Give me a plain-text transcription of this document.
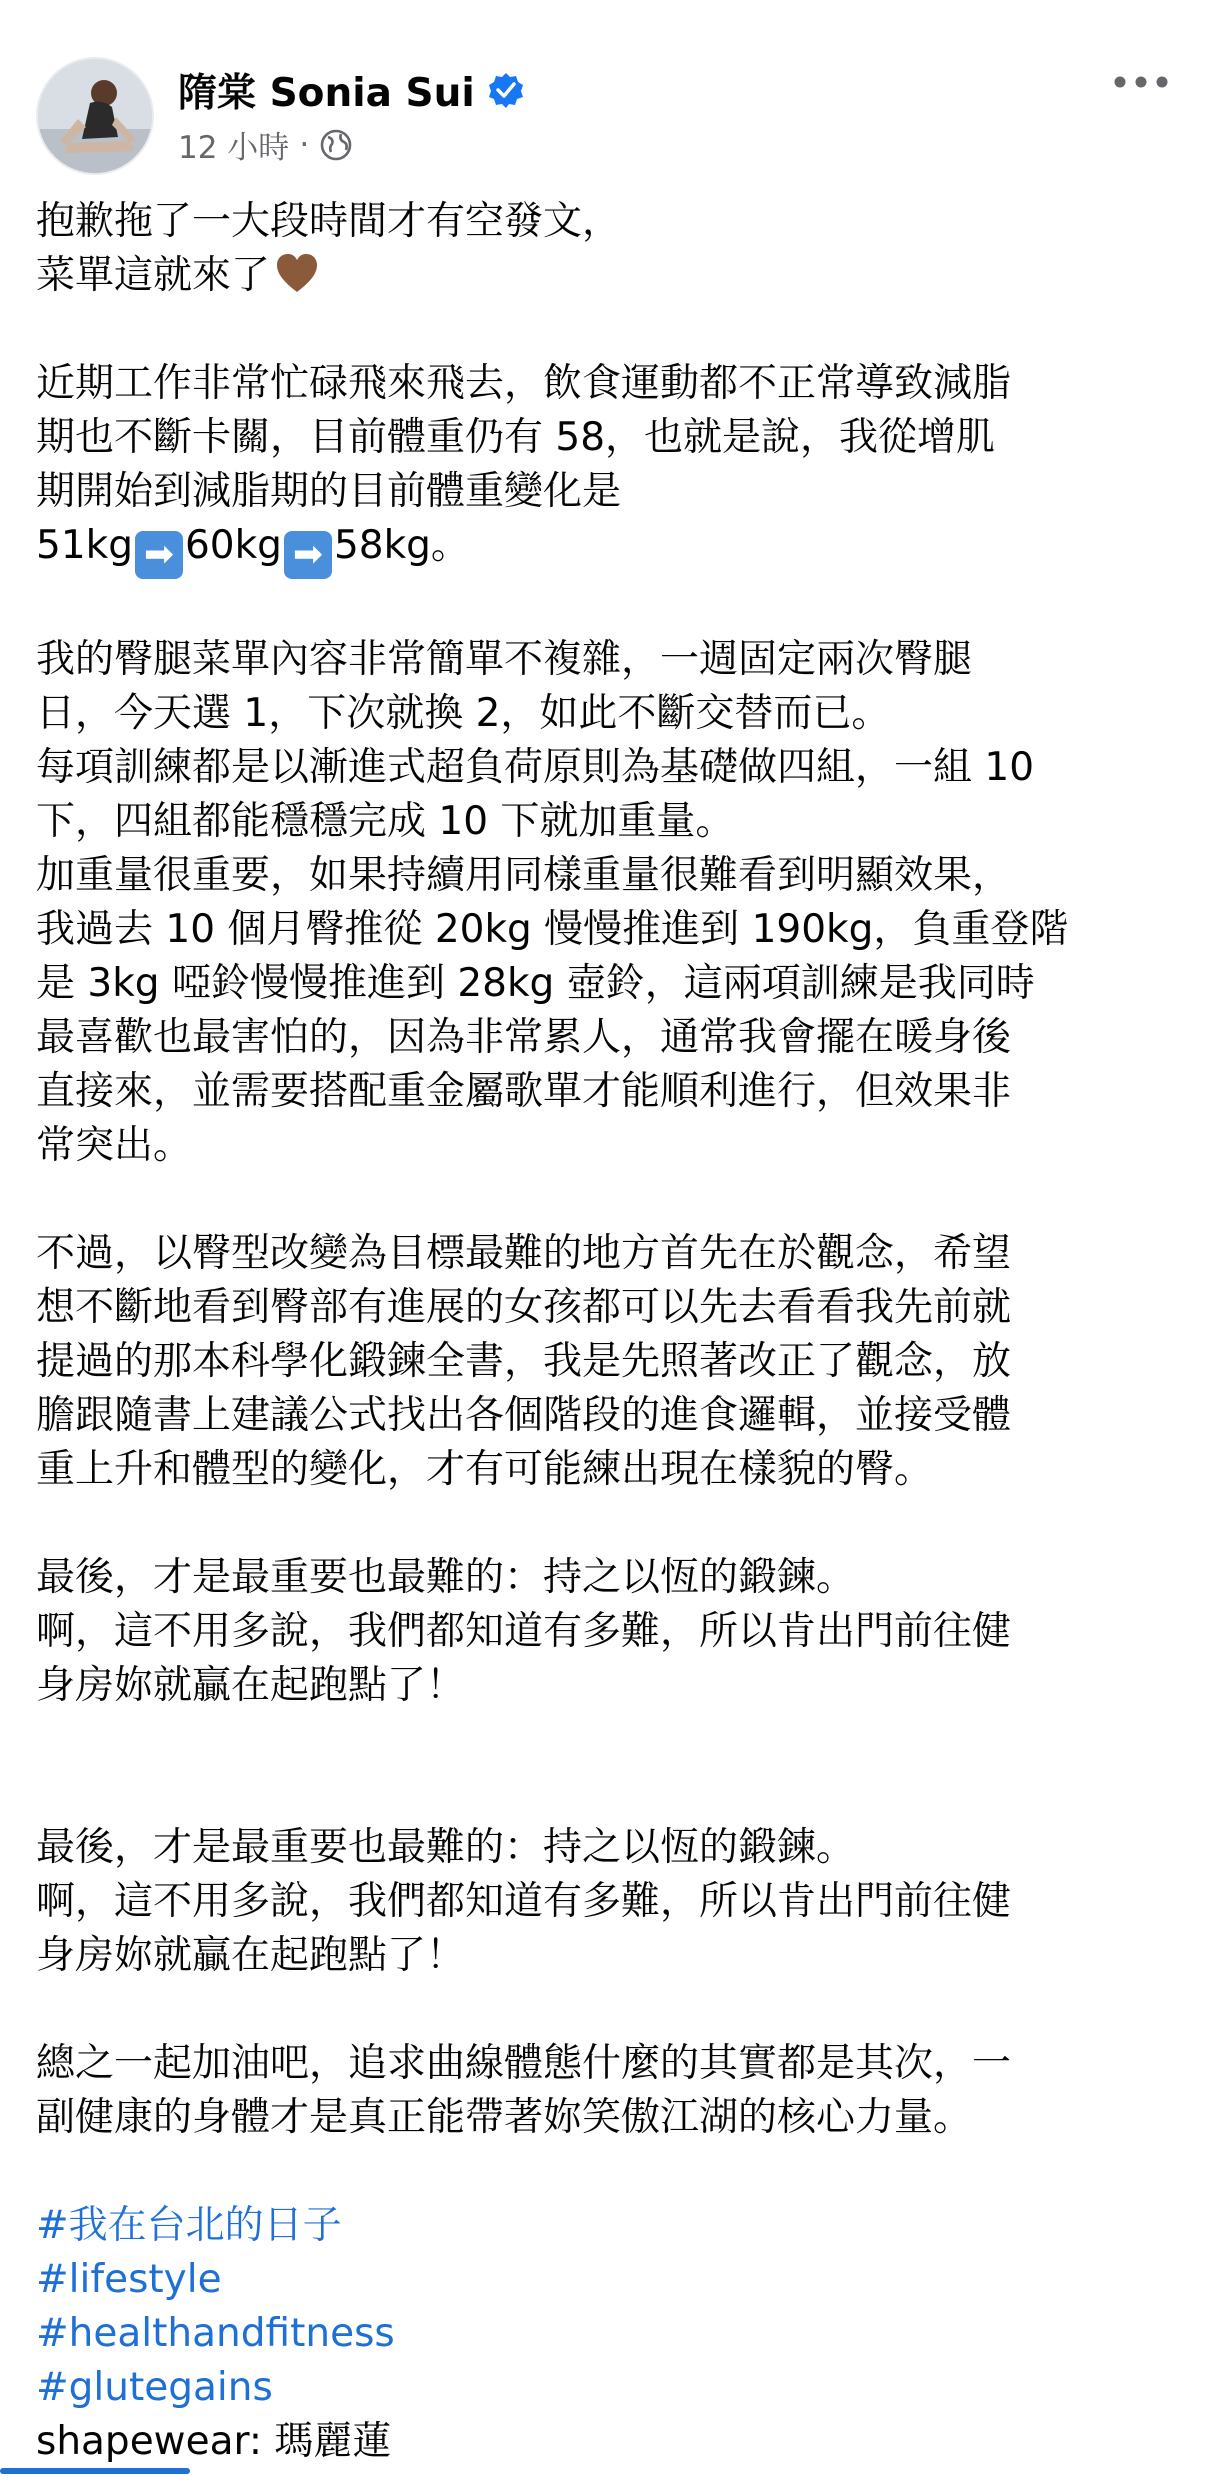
隋棠 Sonia Sui
12 小時 ·
抱歉拖了一大段時間才有空發文，
菜單這就來了
近期工作非常忙碌飛來飛去，飲食運動都不正常導致減脂
期也不斷卡關，目前體重仍有 58，也就是說，我從增肌
期開始到減脂期的目前體重變化是
51kg ➡ 60kg ➡ 58kg。
我的臀腿菜單內容非常簡單不複雜，一週固定兩次臀腿
日，今天選 1，下次就換 2，如此不斷交替而已。
每項訓練都是以漸進式超負荷原則為基礎做四組，一組 10
下，四組都能穩穩完成 10 下就加重量。
加重量很重要，如果持續用同樣重量很難看到明顯效果，
我過去 10 個月臀推從 20kg 慢慢推進到 190kg，負重登階
是 3kg 啞鈴慢慢推進到 28kg 壺鈴，這兩項訓練是我同時
最喜歡也最害怕的，因為非常累人，通常我會擺在暖身後
直接來，並需要搭配重金屬歌單才能順利進行，但效果非
常突出。
不過，以臀型改變為目標最難的地方首先在於觀念，希望
想不斷地看到臀部有進展的女孩都可以先去看看我先前就
提過的那本科學化鍛鍊全書，我是先照著改正了觀念，放
膽跟隨書上建議公式找出各個階段的進食邏輯，並接受體
重上升和體型的變化，才有可能練出現在樣貌的臀。
最後，才是最重要也最難的：持之以恆的鍛鍊。
啊，這不用多說，我們都知道有多難，所以肯出門前往健
身房妳就贏在起跑點了！
最後，才是最重要也最難的：持之以恆的鍛鍊。
啊，這不用多說，我們都知道有多難，所以肯出門前往健
身房妳就贏在起跑點了！
總之一起加油吧，追求曲線體態什麼的其實都是其次，一
副健康的身體才是真正能帶著妳笑傲江湖的核心力量。
#我在台北的日子
#lifestyle
#healthandfitness
#glutegains
shapewear: 瑪麗蓮
